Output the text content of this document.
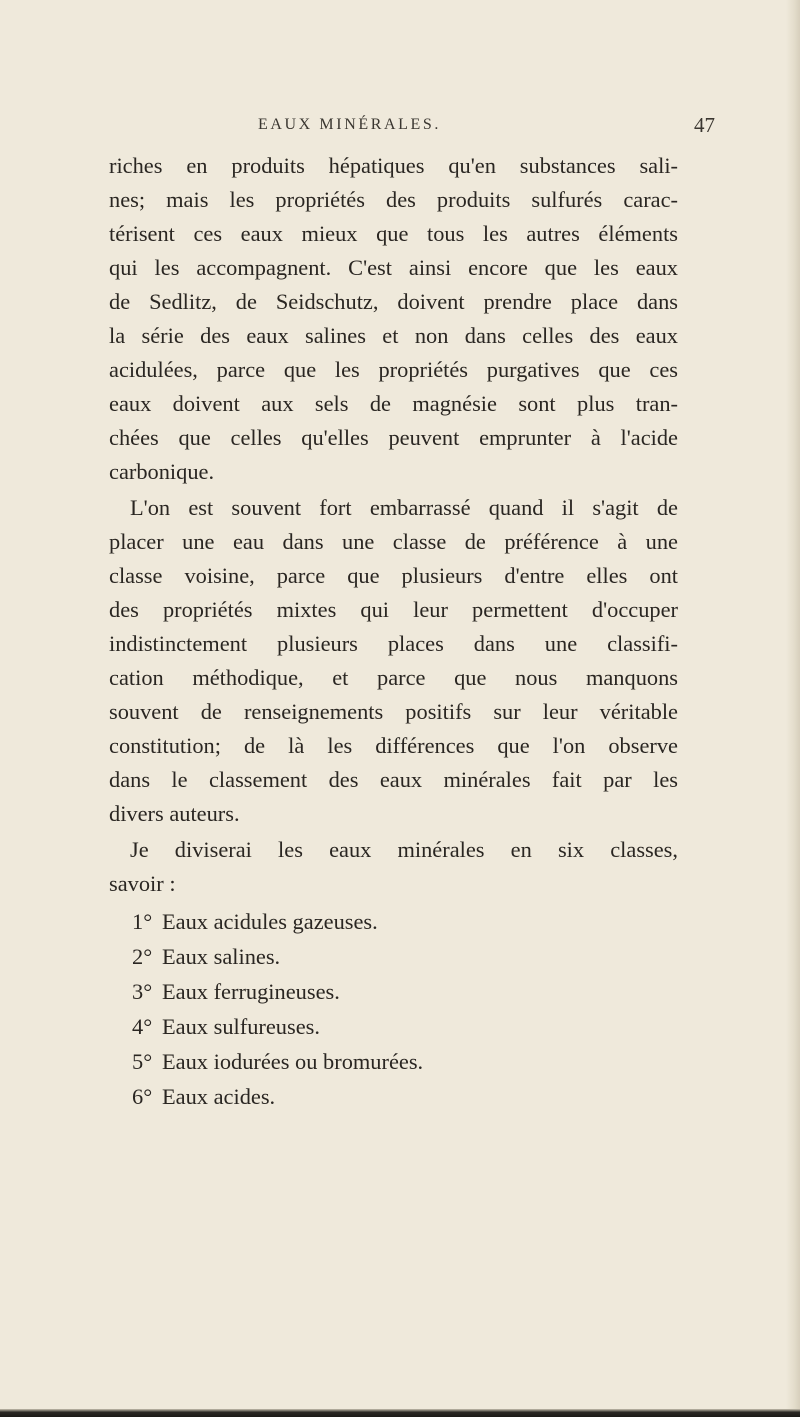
EAUX MINÉRALES.	47
riches en produits hépatiques qu'en substances sali-
nes; mais les propriétés des produits sulfurés carac-
térisent ces eaux mieux que tous les autres éléments
qui les accompagnent. C'est ainsi encore que les eaux
de Sedlitz, de Seidschutz, doivent prendre place dans
la série des eaux salines et non dans celles des eaux
acidulées, parce que les propriétés purgatives que ces
eaux doivent aux sels de magnésie sont plus tran-
chées que celles qu'elles peuvent emprunter à l'acide
carbonique.
L'on est souvent fort embarrassé quand il s'agit de
placer une eau dans une classe de préférence à une
classe voisine, parce que plusieurs d'entre elles ont
des propriétés mixtes qui leur permettent d'occuper
indistinctement plusieurs places dans une classifi-
cation méthodique, et parce que nous manquons
souvent de renseignements positifs sur leur véritable
constitution; de là les différences que l'on observe
dans le classement des eaux minérales fait par les
divers auteurs.
Je diviserai les eaux minérales en six classes,
savoir :
1° Eaux acidules gazeuses.
2° Eaux salines.
3° Eaux ferrugineuses.
4° Eaux sulfureuses.
5° Eaux iodurées ou bromurées.
6° Eaux acides.
